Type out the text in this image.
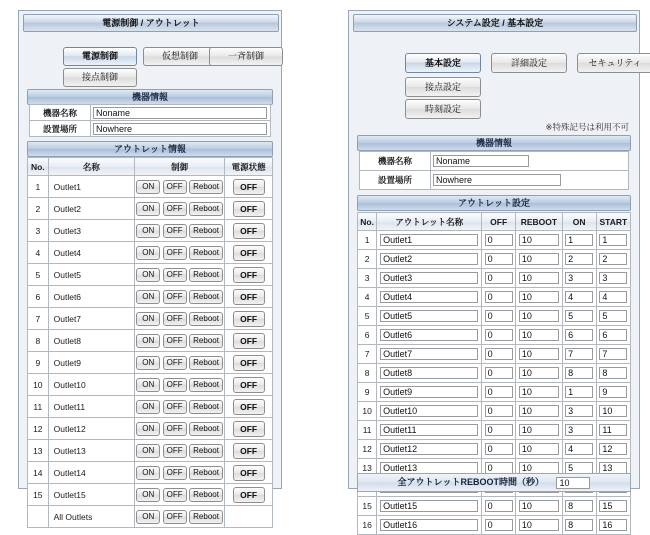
電源制御 / アウトレット
電源制御	仮想制御	一斉制御
接点制御
機器情報
機器名称	Noname
設置場所	Nowhere
アウトレット情報
No.	名称	制御	電源状態
1	Outlet1	ON OFF Reboot	OFF
2	Outlet2	ON OFF Reboot	OFF
3	Outlet3	ON OFF Reboot	OFF
4	Outlet4	ON OFF Reboot	OFF
5	Outlet5	ON OFF Reboot	OFF
6	Outlet6	ON OFF Reboot	OFF
7	Outlet7	ON OFF Reboot	OFF
8	Outlet8	ON OFF Reboot	OFF
9	Outlet9	ON OFF Reboot	OFF
10	Outlet10	ON OFF Reboot	OFF
11	Outlet11	ON OFF Reboot	OFF
12	Outlet12	ON OFF Reboot	OFF
13	Outlet13	ON OFF Reboot	OFF
14	Outlet14	ON OFF Reboot	OFF
15	Outlet15	ON OFF Reboot	OFF
	All Outlets	ON OFF Reboot	
システム設定 / 基本設定
基本設定	詳細設定	セキュリティ
接点設定
時刻設定
※特殊記号は利用不可
機器情報
機器名称	Noname
設置場所	Nowhere
アウトレット設定
No.	アウトレット名称	OFF	REBOOT	ON	START
1	Outlet1	0	10	1	1
2	Outlet2	0	10	2	2
3	Outlet3	0	10	3	3
4	Outlet4	0	10	4	4
5	Outlet5	0	10	5	5
6	Outlet6	0	10	6	6
7	Outlet7	0	10	7	7
8	Outlet8	0	10	8	8
9	Outlet9	0	10	1	9
10	Outlet10	0	10	3	10
11	Outlet11	0	10	3	11
12	Outlet12	0	10	4	12
13	Outlet13	0	10	5	13
	Outlet14	0	10	6	14
15	Outlet15	0	10	8	15
16	Outlet16	0	10	8	16
全アウトレットREBOOT時間（秒） 10
